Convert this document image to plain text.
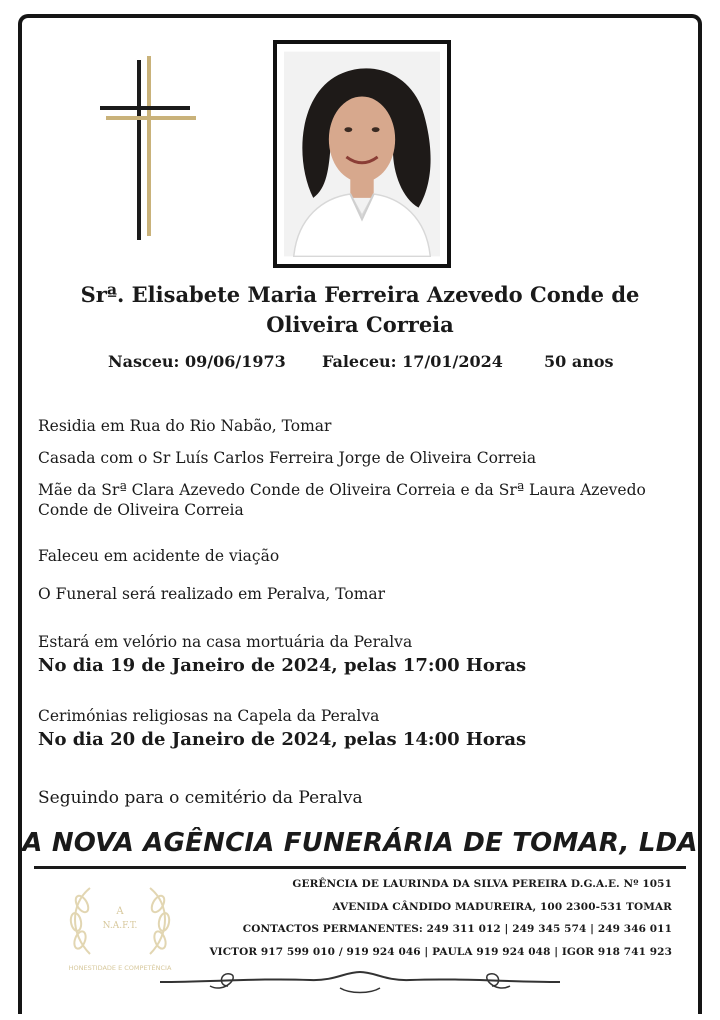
Srª. Elisabete Maria Ferreira Azevedo Conde de
Oliveira Correia
Nasceu: 09/06/1973 Faleceu: 17/01/2024	50 anos
Residia em Rua do Rio Nabão, Tomar
Casada com o Sr Luís Carlos Ferreira Jorge de Oliveira Correia
Mãe da Srª Clara Azevedo Conde de Oliveira Correia e da Srª Laura Azevedo
Conde de Oliveira Correia
Faleceu em acidente de viação
O Funeral será realizado em Peralva, Tomar
Estará em velório na casa mortuária da Peralva
No dia 19 de Janeiro de 2024, pelas 17:00 Horas
Cerimónias religiosas na Capela da Peralva
No dia 20 de Janeiro de 2024, pelas 14:00 Horas
Seguindo para o cemitério da Peralva
A NOVA AGÊNCIA FUNERÁRIA DE TOMAR, LDA
A
N.A.F.T.
HONESTIDADE E COMPETÊNCIA
GERÊNCIA DE LAURINDA DA SILVA PEREIRA D.G.A.E. Nº 1051
AVENIDA CÂNDIDO MADUREIRA, 100 2300-531 TOMAR
CONTACTOS PERMANENTES: 249 311 012 | 249 345 574 | 249 346 011
VICTOR 917 599 010 / 919 924 046 | PAULA 919 924 048 | IGOR 918 741 923
